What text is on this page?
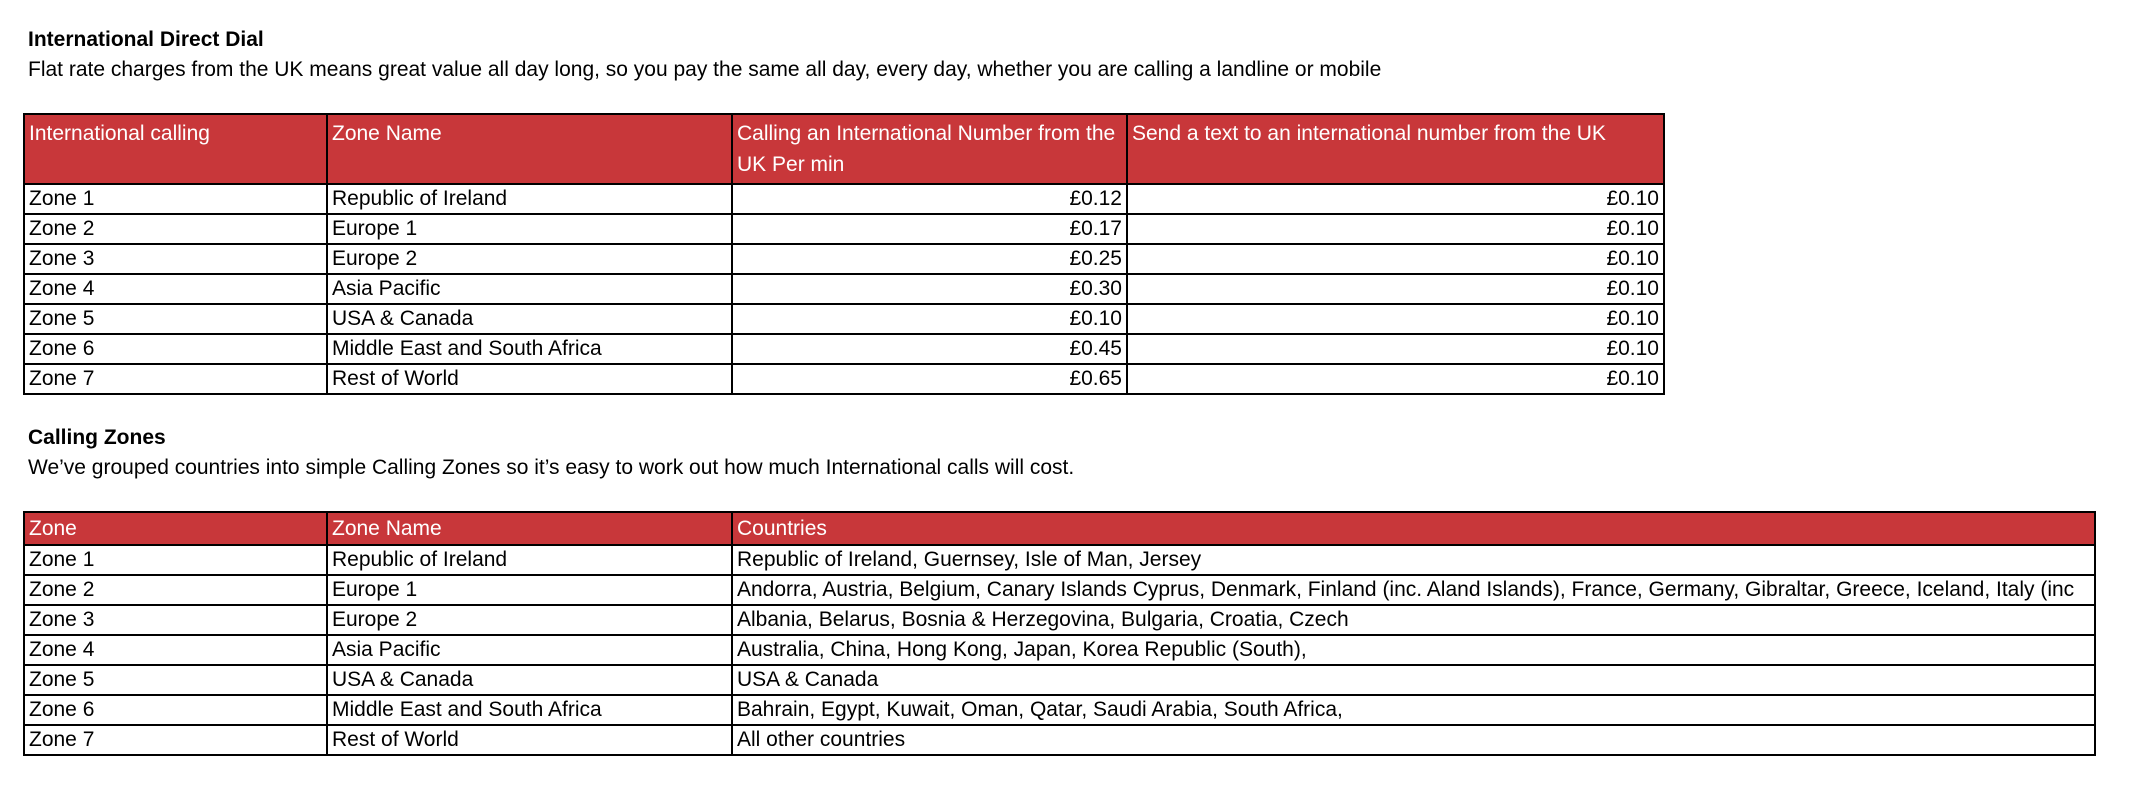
International Direct Dial
Flat rate charges from the UK means great value all day long, so you pay the same all day, every day, whether you are calling a landline or mobile
International calling	Zone Name	Calling an International Number from the UK Per min	Send a text to an international number from the UK
Zone 1	Republic of Ireland	£0.12	£0.10
Zone 2	Europe 1	£0.17	£0.10
Zone 3	Europe 2	£0.25	£0.10
Zone 4	Asia Pacific	£0.30	£0.10
Zone 5	USA & Canada	£0.10	£0.10
Zone 6	Middle East and South Africa	£0.45	£0.10
Zone 7	Rest of World	£0.65	£0.10
Calling Zones
We’ve grouped countries into simple Calling Zones so it’s easy to work out how much International calls will cost.
Zone	Zone Name	Countries
Zone 1	Republic of Ireland	Republic of Ireland, Guernsey, Isle of Man, Jersey
Zone 2	Europe 1	Andorra, Austria, Belgium, Canary Islands Cyprus, Denmark, Finland (inc. Aland Islands), France, Germany, Gibraltar, Greece, Iceland, Italy (inc
Zone 3	Europe 2	Albania, Belarus, Bosnia & Herzegovina, Bulgaria, Croatia, Czech
Zone 4	Asia Pacific	Australia, China, Hong Kong, Japan, Korea Republic (South),
Zone 5	USA & Canada	USA & Canada
Zone 6	Middle East and South Africa	Bahrain, Egypt, Kuwait, Oman, Qatar, Saudi Arabia, South Africa,
Zone 7	Rest of World	All other countries
